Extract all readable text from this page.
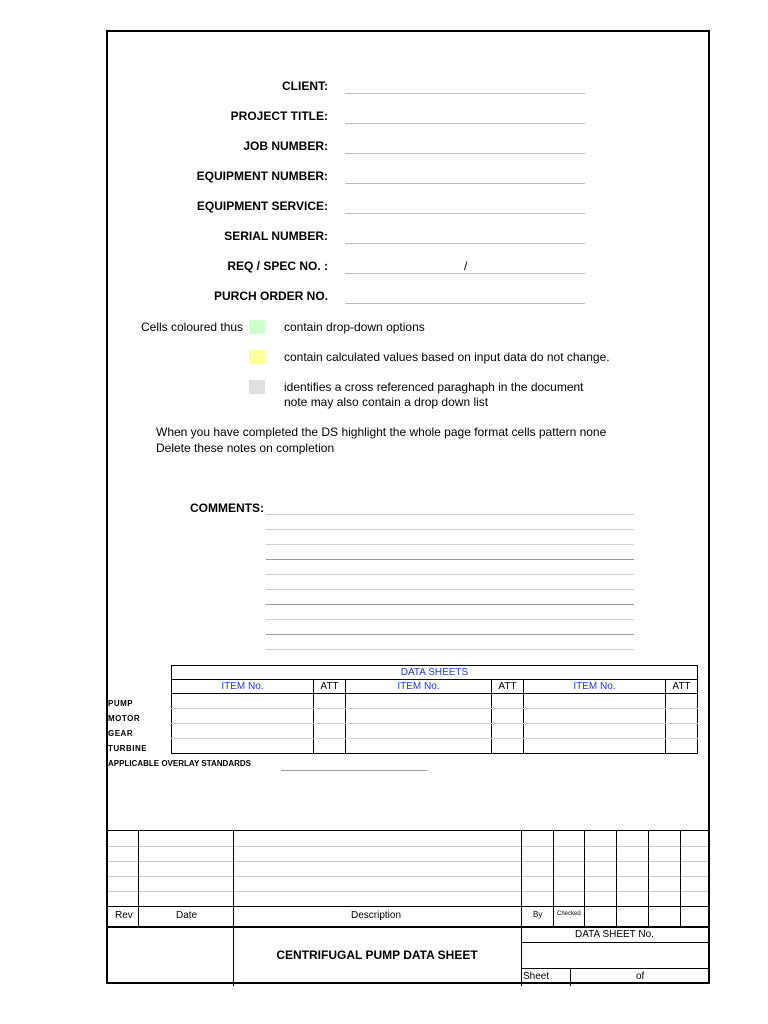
CLIENT:
PROJECT TITLE:
JOB NUMBER:
EQUIPMENT NUMBER:
EQUIPMENT SERVICE:
SERIAL NUMBER:
REQ / SPEC NO. :	/
PURCH ORDER NO.
Cells coloured thus	contain drop-down options
contain calculated values based on input data do not change.
identifies a cross referenced paraghaph in the document
note may also contain a drop down list
When you have completed the DS highlight the whole page format cells pattern none
Delete these notes on completion
COMMENTS:
DATA SHEETS					
ITEM No.	ATT	ITEM No.	ATT	ITEM No.	ATT

PUMP
MOTOR
GEAR
TURBINE
APPLICABLE OVERLAY STANDARDS
Rev	Date	Description	By Checked
CENTRIFUGAL PUMP DATA SHEET
DATA SHEET No.
Sheet	of
